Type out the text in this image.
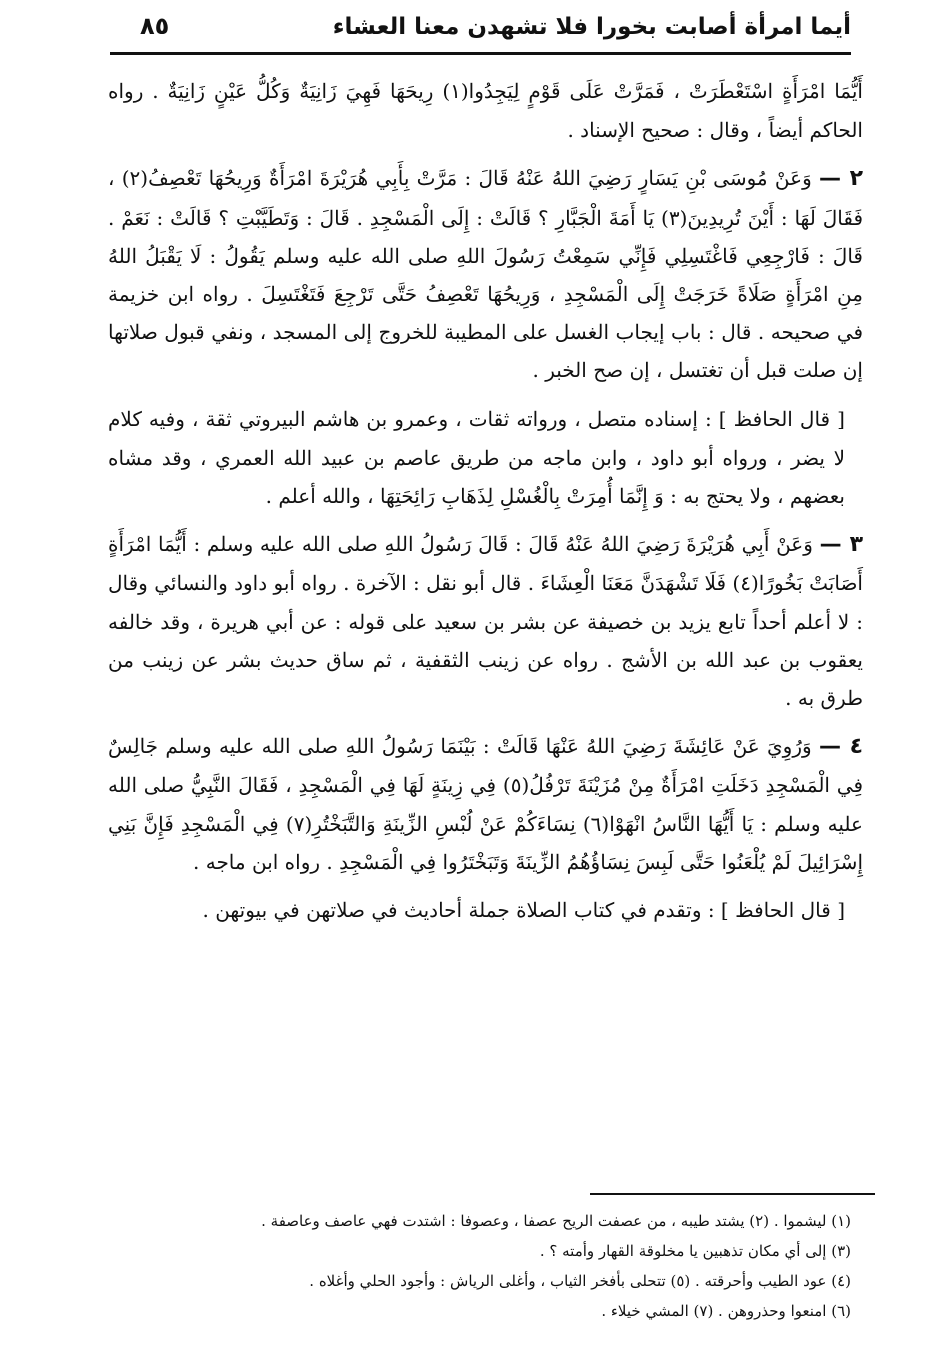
أيما امرأة أصابت بخورا فلا تشهدن معنا العشاء
٨٥

أَيُّمَا امْرَأَةٍ اسْتَعْطَرَتْ ، فَمَرَّتْ عَلَى قَوْمٍ لِيَجِدُوا(١) رِيحَهَا فَهِيَ زَانِيَةٌ وَكُلُّ عَيْنٍ زَانِيَةٌ . رواه الحاكم أيضاً ، وقال : صحيح الإسناد .

٢ — وَعَنْ مُوسَى بْنِ يَسَارٍ رَضِيَ اللهُ عَنْهُ قَالَ : مَرَّتْ بِأَبِي هُرَيْرَةَ امْرَأَةٌ وَرِيحُهَا تَعْصِفُ(٢) ، فَقَالَ لَهَا : أَيْنَ تُرِيدِينَ(٣) يَا أَمَةَ الْجَبَّارِ ؟ قَالَتْ : إِلَى الْمَسْجِدِ . قَالَ : وَتَطَيَّبْتِ ؟ قَالَتْ : نَعَمْ . قَالَ : فَارْجِعِي فَاغْتَسِلِي فَإِنِّي سَمِعْتُ رَسُولَ اللهِ صلى الله عليه وسلم يَقُولُ : لَا يَقْبَلُ اللهُ مِنِ امْرَأَةٍ صَلَاةً خَرَجَتْ إِلَى الْمَسْجِدِ ، وَرِيحُهَا تَعْصِفُ حَتَّى تَرْجِعَ فَتَغْتَسِلَ . رواه ابن خزيمة في صحيحه . قال : باب إيجاب الغسل على المطيبة للخروج إلى المسجد ، ونفي قبول صلاتها إن صلت قبل أن تغتسل ، إن صح الخبر .

[ قال الحافظ ] : إسناده متصل ، ورواته ثقات ، وعمرو بن هاشم البيروتي ثقة ، وفيه كلام لا يضر ، ورواه أبو داود ، وابن ماجه من طريق عاصم بن عبيد الله العمري ، وقد مشاه بعضهم ، ولا يحتج به : وَ إِنَّمَا أُمِرَتْ بِالْغُسْلِ لِذَهَابِ رَائِحَتِهَا ، والله أعلم .

٣ — وَعَنْ أَبِي هُرَيْرَةَ رَضِيَ اللهُ عَنْهُ قَالَ : قَالَ رَسُولُ اللهِ صلى الله عليه وسلم : أَيُّمَا امْرَأَةٍ أَصَابَتْ بَخُورًا(٤) فَلَا تَشْهَدَنَّ مَعَنَا الْعِشَاءَ . قال أبو نقل : الآخرة . رواه أبو داود والنسائي وقال : لا أعلم أحداً تابع يزيد بن خصيفة عن بشر بن سعيد على قوله : عن أبي هريرة ، وقد خالفه يعقوب بن عبد الله بن الأشج . رواه عن زينب الثقفية ، ثم ساق حديث بشر عن زينب من طرق به .

٤ — وَرُوِيَ عَنْ عَائِشَةَ رَضِيَ اللهُ عَنْهَا قَالَتْ : بَيْنَمَا رَسُولُ اللهِ صلى الله عليه وسلم جَالِسٌ فِي الْمَسْجِدِ دَخَلَتِ امْرَأَةٌ مِنْ مُزَيْنَةَ تَرْفُلُ(٥) فِي زِينَةٍ لَهَا فِي الْمَسْجِدِ ، فَقَالَ النَّبِيُّ صلى الله عليه وسلم : يَا أَيُّهَا النَّاسُ انْهَوْا(٦) نِسَاءَكُمْ عَنْ لُبْسِ الزِّينَةِ وَالتَّبَخْتُرِ(٧) فِي الْمَسْجِدِ فَإِنَّ بَنِي إِسْرَائِيلَ لَمْ يُلْعَنُوا حَتَّى لَبِسَ نِسَاؤُهُمُ الزِّينَةَ وَتَبَخْتَرُوا فِي الْمَسْجِدِ . رواه ابن ماجه .

[ قال الحافظ ] : وتقدم في كتاب الصلاة جملة أحاديث في صلاتهن في بيوتهن .

(١) ليشموا . (٢) يشتد طيبه ، من عصفت الريح عصفا ، وعصوفا : اشتدت فهي عاصف وعاصفة .

(٣) إلى أي مكان تذهبين يا مخلوقة القهار وأمته ؟ .

(٤) عود الطيب وأحرقته . (٥) تتحلى بأفخر الثياب ، وأغلى الرياش : وأجود الحلي وأغلاه .

(٦) امنعوا وحذروهن . (٧) المشي خيلاء .
